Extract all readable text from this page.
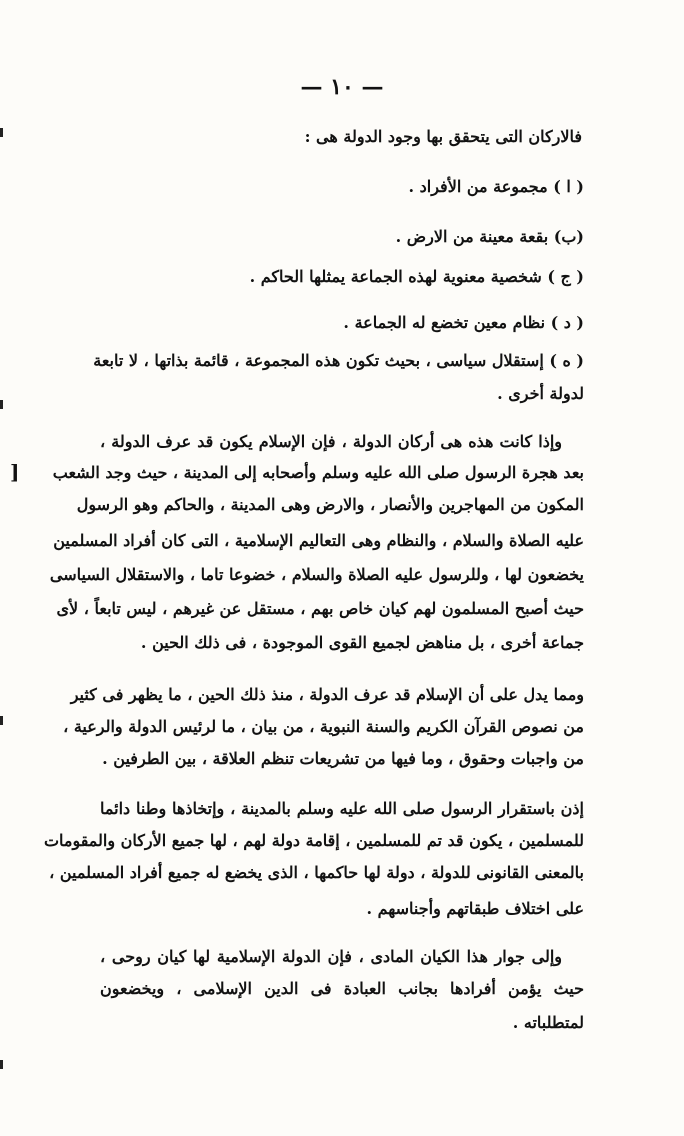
]
— ١٠ —
فالاركان التى يتحقق بها وجود الدولة هى :
( ا ) مجموعة من الأفراد .
(ب) بقعة معينة من الارض .
( ج ) شخصية معنوية لهذه الجماعة يمثلها الحاكم .
( د ) نظام معين تخضع له الجماعة .
( ه ) إستقلال سياسى ، بحيث تكون هذه المجموعة ، قائمة بذاتها ، لا تابعة
لدولة أخرى .
وإذا كانت هذه هى أركان الدولة ، فإن الإسلام يكون قد عرف الدولة ،
بعد هجرة الرسول صلى الله عليه وسلم وأصحابه إلى المدينة ، حيث وجد الشعب
المكون من المهاجرين والأنصار ، والارض وهى المدينة ، والحاكم وهو الرسول
عليه الصلاة والسلام ، والنظام وهى التعاليم الإسلامية ، التى كان أفراد المسلمين
يخضعون لها ، وللرسول عليه الصلاة والسلام ، خضوعا تاما ، والاستقلال السياسى
حيث أصبح المسلمون لهم كيان خاص بهم ، مستقل عن غيرهم ، ليس تابعاً ، لأى
جماعة أخرى ، بل مناهض لجميع القوى الموجودة ، فى ذلك الحين .
ومما يدل على أن الإسلام قد عرف الدولة ، منذ ذلك الحين ، ما يظهر فى كثير
من نصوص القرآن الكريم والسنة النبوية ، من بيان ، ما لرئيس الدولة والرعية ،
من واجبات وحقوق ، وما فيها من تشريعات تنظم العلاقة ، بين الطرفين .
إذن باستقرار الرسول صلى الله عليه وسلم بالمدينة ، وإتخاذها وطنا دائما
للمسلمين ، يكون قد تم للمسلمين ، إقامة دولة لهم ، لها جميع الأركان والمقومات
بالمعنى القانونى للدولة ، دولة لها حاكمها ، الذى يخضع له جميع أفراد المسلمين ،
على اختلاف طبقاتهم وأجناسهم .
وإلى جوار هذا الكيان المادى ، فإن الدولة الإسلامية لها كيان روحى ،
حيث يؤمن أفرادها بجانب العبادة فى الدين الإسلامى ، ويخضعون
لمتطلباته .
